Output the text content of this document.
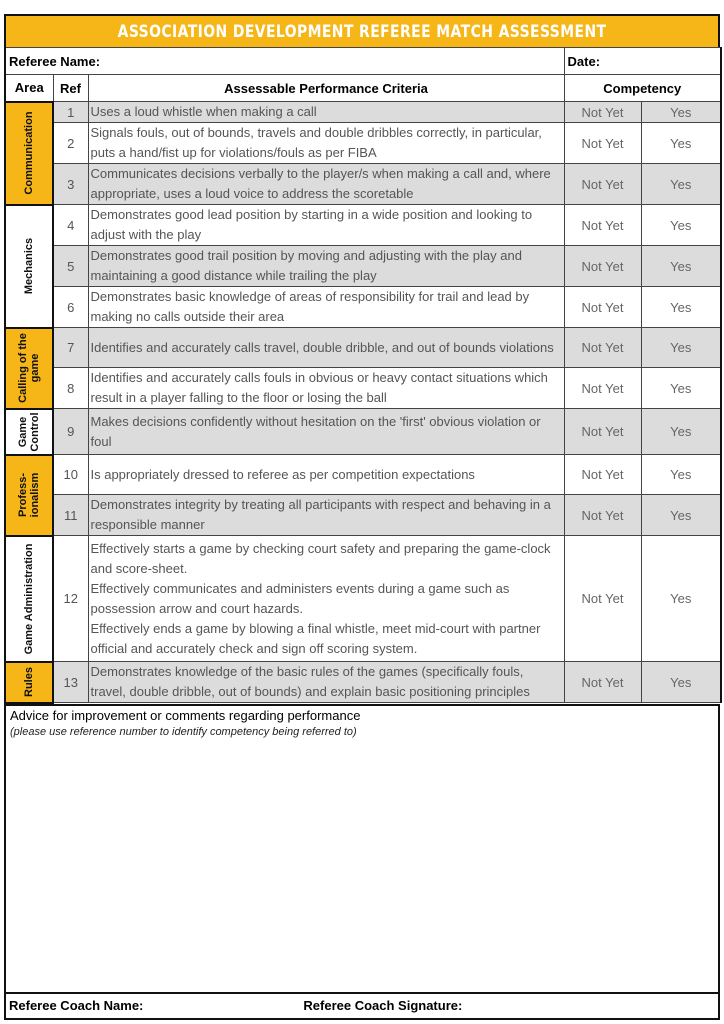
ASSOCIATION DEVELOPMENT REFEREE MATCH ASSESSMENT
Referee Name:			Date:	
Area	Ref	Assessable Performance Criteria	Competency	

Communication	1	Uses a loud whistle when making a call	Not Yet	Yes
	2	Signals fouls, out of bounds, travels and double dribbles correctly, in particular, puts a hand/fist up for violations/fouls as per FIBA	Not Yet	Yes
	3	Communicates decisions verbally to the player/s when making a call and, where appropriate, uses a loud voice to address the scoretable	Not Yet	Yes

Mechanics	4	Demonstrates good lead position by starting in a wide position and looking to adjust with the play	Not Yet	Yes
	5	Demonstrates good trail position by moving and adjusting with the play and maintaining a good distance while trailing the play	Not Yet	Yes
	6	Demonstrates basic knowledge of areas of responsibility for trail and lead by making no calls outside their area	Not Yet	Yes

Calling of the game	7	Identifies and accurately calls travel, double dribble, and out of bounds violations	Not Yet	Yes
	8	Identifies and accurately calls fouls in obvious or heavy contact situations which result in a player falling to the floor or losing the ball	Not Yet	Yes

Game Control	9	Makes decisions confidently without hesitation on the 'first' obvious violation or foul	Not Yet	Yes

Profess-ionalism	10	Is appropriately dressed to referee as per competition expectations	Not Yet	Yes
	11	Demonstrates integrity by treating all participants with respect and behaving in a responsible manner	Not Yet	Yes

Game Administration	12	Effectively starts a game by checking court safety and preparing the game-clock and score-sheet.
Effectively communicates and administers events during a game such as possession arrow and court hazards.
Effectively ends a game by blowing a final whistle, meet mid-court with partner official and accurately check and sign off scoring system.	Not Yet	Yes

Rules	13	Demonstrates knowledge of the basic rules of the games (specifically fouls, travel, double dribble, out of bounds) and explain basic positioning principles	Not Yet	Yes
Advice for improvement or comments regarding performance
(please use reference number to identify competency being referred to)
Referee Coach Name:	Referee Coach Signature:
